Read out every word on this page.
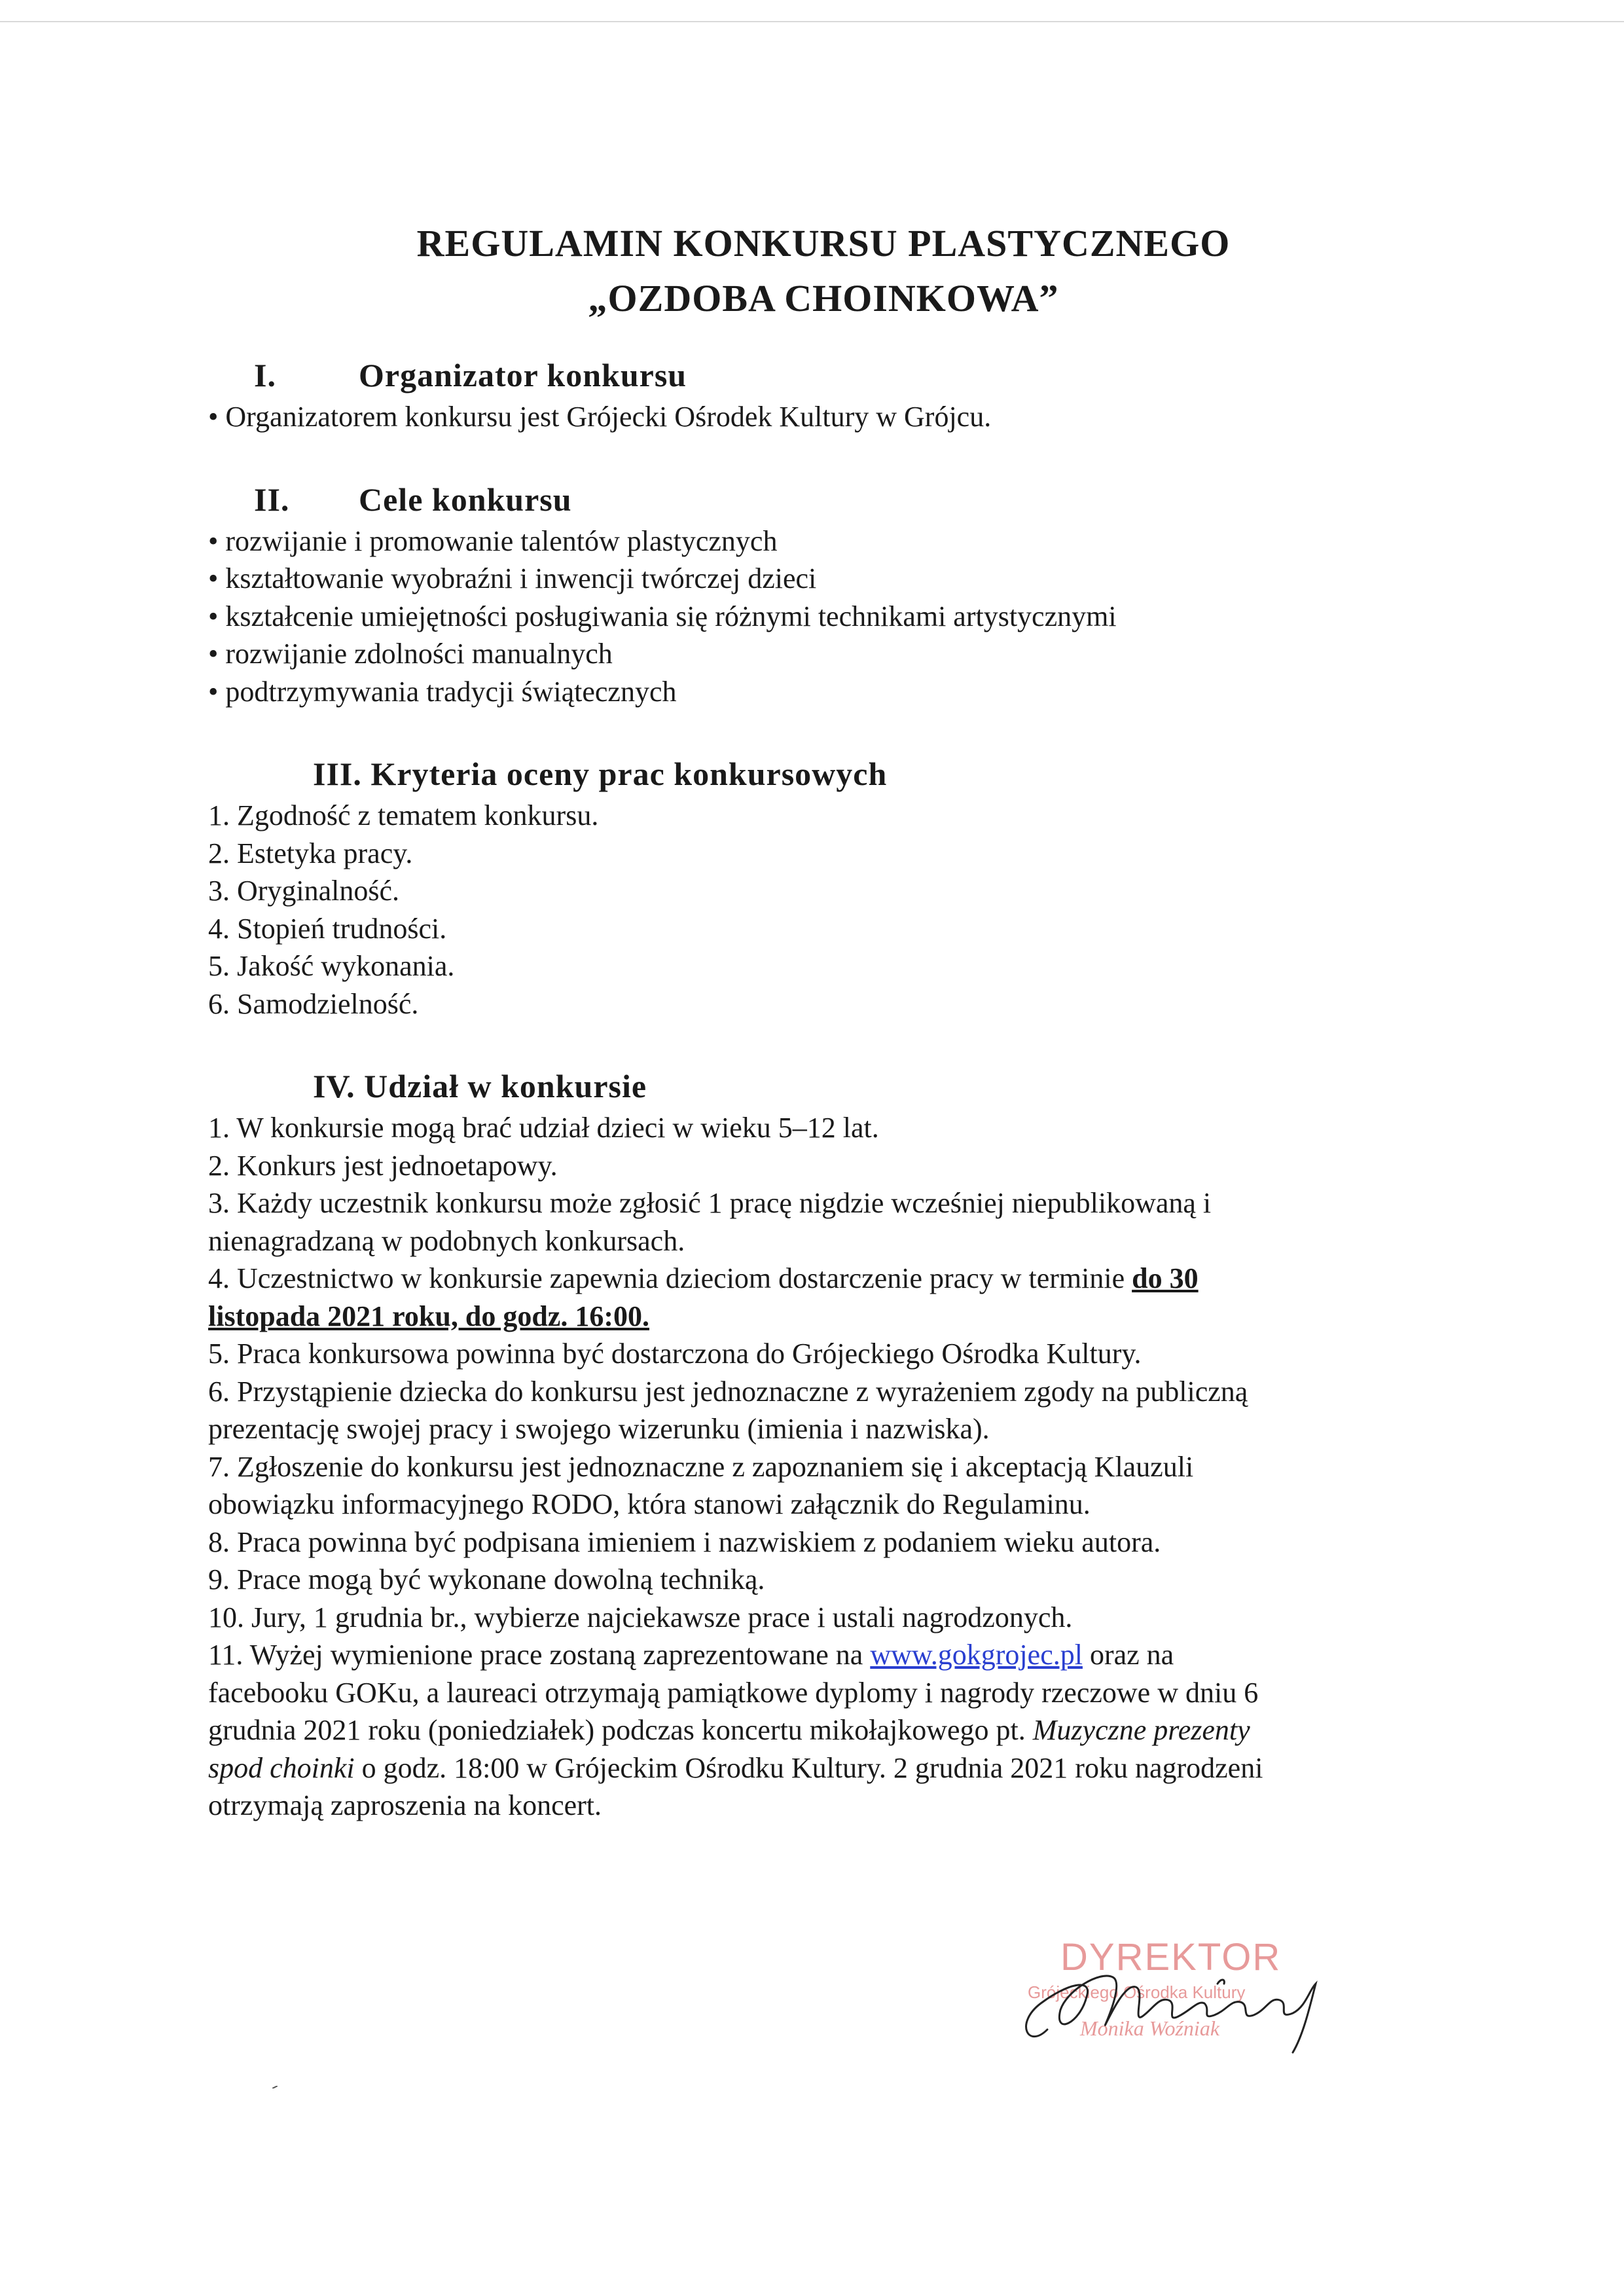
REGULAMIN KONKURSU PLASTYCZNEGO
„OZDOBA CHOINKOWA”
I.	Organizator konkursu

• Organizatorem konkursu jest Grójecki Ośrodek Kultury w Grójcu.

II. Cele konkursu

• rozwijanie i promowanie talentów plastycznych

• kształtowanie wyobraźni i inwencji twórczej dzieci

• kształcenie umiejętności posługiwania się różnymi technikami artystycznymi

• rozwijanie zdolności manualnych

• podtrzymywania tradycji świątecznych

III. Kryteria oceny prac konkursowych

1. Zgodność z tematem konkursu.

2. Estetyka pracy.

3. Oryginalność.

4. Stopień trudności.

5. Jakość wykonania.

6. Samodzielność.

IV. Udział w konkursie

1. W konkursie mogą brać udział dzieci w wieku 5–12 lat.

2. Konkurs jest jednoetapowy.

3. Każdy uczestnik konkursu może zgłosić 1 pracę nigdzie wcześniej niepublikowaną i

nienagradzaną w podobnych konkursach.

4. Uczestnictwo w konkursie zapewnia dzieciom dostarczenie pracy w terminie do 30

listopada 2021 roku, do godz. 16:00.

5. Praca konkursowa powinna być dostarczona do Grójeckiego Ośrodka Kultury.

6. Przystąpienie dziecka do konkursu jest jednoznaczne z wyrażeniem zgody na publiczną

prezentację swojej pracy i swojego wizerunku (imienia i nazwiska).

7. Zgłoszenie do konkursu jest jednoznaczne z zapoznaniem się i akceptacją Klauzuli

obowiązku informacyjnego RODO, która stanowi załącznik do Regulaminu.

8. Praca powinna być podpisana imieniem i nazwiskiem z podaniem wieku autora.

9. Prace mogą być wykonane dowolną techniką.

10. Jury, 1 grudnia br., wybierze najciekawsze prace i ustali nagrodzonych.

11. Wyżej wymienione prace zostaną zaprezentowane na www.gokgrojec.pl oraz na

facebooku GOKu, a laureaci otrzymają pamiątkowe dyplomy i nagrody rzeczowe w dniu 6

grudnia 2021 roku (poniedziałek) podczas koncertu mikołajkowego pt. Muzyczne prezenty

spod choinki o godz. 18:00 w Grójeckim Ośrodku Kultury. 2 grudnia 2021 roku nagrodzeni

otrzymają zaproszenia na koncert.

DYREKTOR
Grójeckiego Ośrodka Kultury
Monika Woźniak
